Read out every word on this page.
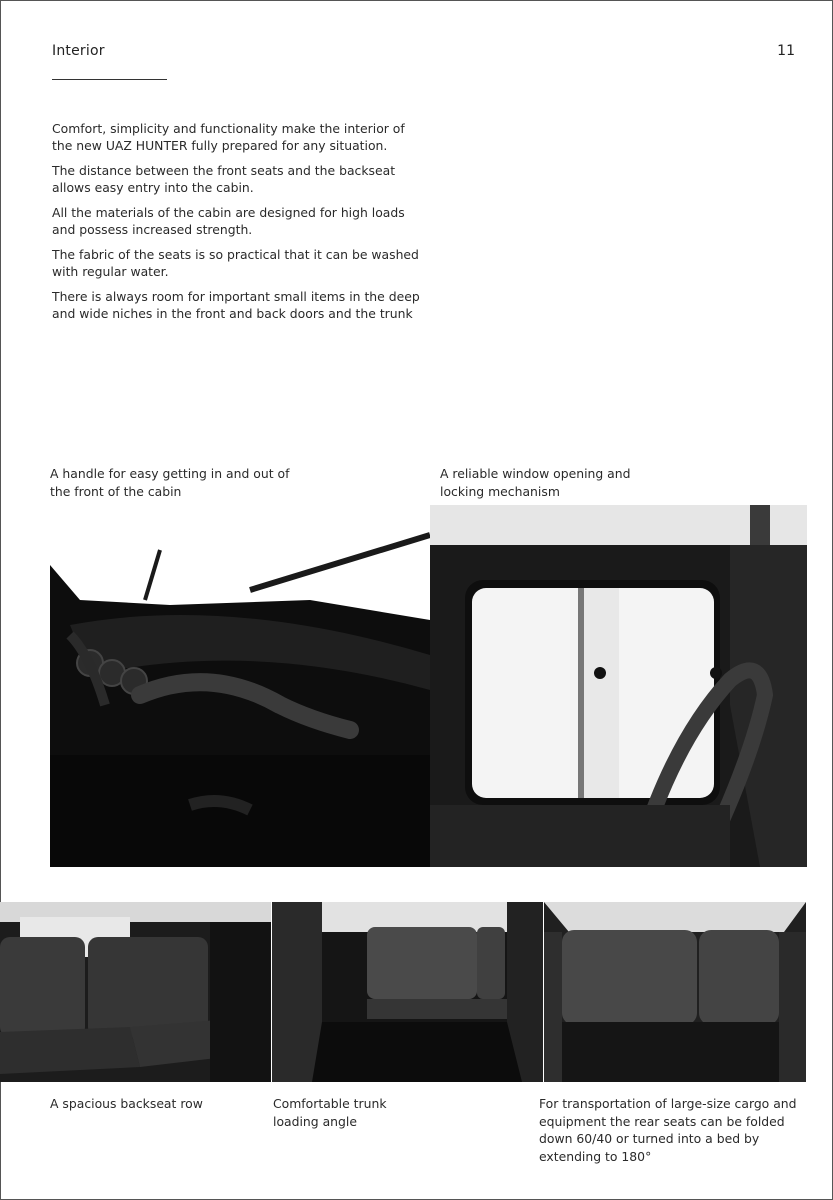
Interior	11

Comfort, simplicity and functionality make the interior of the new UAZ HUNTER fully prepared for any situation.

The distance between the front seats and the backseat allows easy entry into the cabin.

All the materials of the cabin are designed for high loads and possess increased strength.

The fabric of the seats is so practical that it can be washed with regular water.

There is always room for important small items in the deep and wide niches in the front and back doors and the trunk

A handle for easy getting in and out of the front of the cabin
A reliable window opening and locking mechanism
A spacious backseat row	Comfortable trunk loading angle
For transportation of large-size cargo and equipment the rear seats can be folded down 60/40 or turned into a bed by extending to 180°
